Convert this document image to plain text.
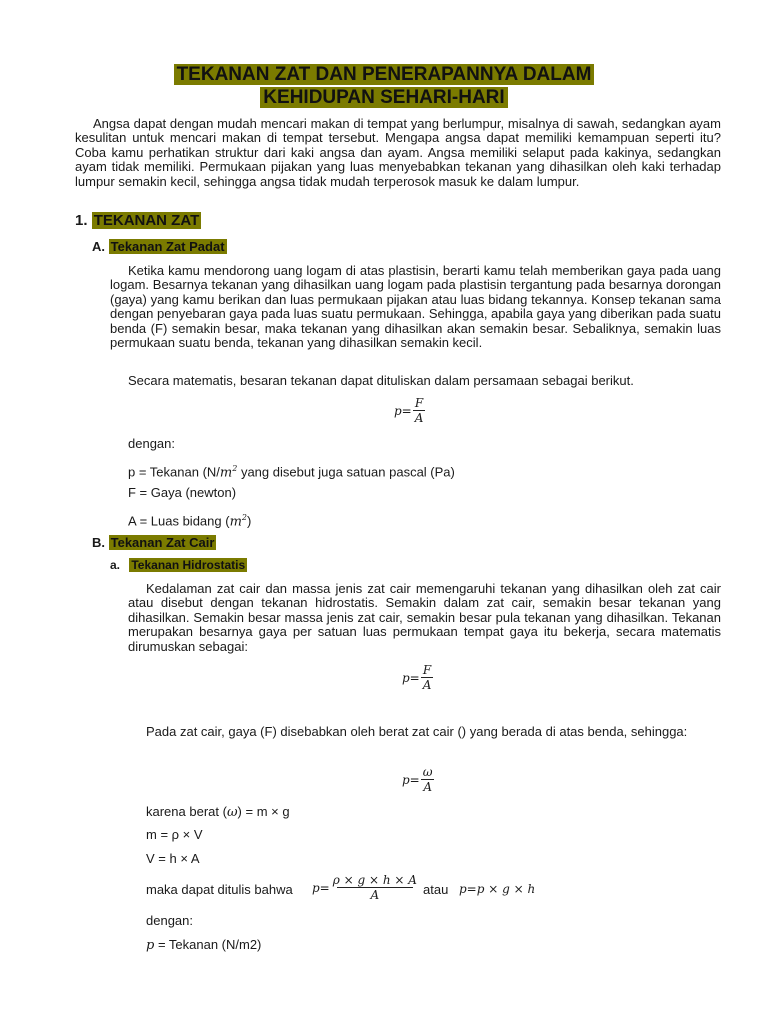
TEKANAN ZAT DAN PENERAPANNYA DALAM
KEHIDUPAN SEHARI-HARI
Angsa dapat dengan mudah mencari makan di tempat yang berlumpur, misalnya di sawah, sedangkan ayam kesulitan untuk mencari makan di tempat tersebut. Mengapa angsa dapat memiliki kemampuan seperti itu? Coba kamu perhatikan struktur dari kaki angsa dan ayam. Angsa memiliki selaput pada kakinya, sedangkan ayam tidak memiliki. Permukaan pijakan yang luas menyebabkan tekanan yang dihasilkan oleh kaki terhadap lumpur semakin kecil, sehingga angsa tidak mudah terperosok masuk ke dalam lumpur.
1. TEKANAN ZAT
A. Tekanan Zat Padat
Ketika kamu mendorong uang logam di atas plastisin, berarti kamu telah memberikan gaya pada uang logam. Besarnya tekanan yang dihasilkan uang logam pada plastisin tergantung pada besarnya dorongan (gaya) yang kamu berikan dan luas permukaan pijakan atau luas bidang tekannya. Konsep tekanan sama dengan penyebaran gaya pada luas suatu permukaan. Sehingga, apabila gaya yang diberikan pada suatu benda (F) semakin besar, maka tekanan yang dihasilkan akan semakin besar. Sebaliknya, semakin luas permukaan suatu benda, tekanan yang dihasilkan semakin kecil.
Secara matematis, besaran tekanan dapat dituliskan dalam persamaan sebagai berikut.
$p= \frac{F}{A}$
dengan:
p = Tekanan ($N/m^2$ yang disebut juga satuan pascal (Pa)
F = Gaya (newton)
A = Luas bidang $(m^2)$
B. Tekanan Zat Cair
a. Tekanan Hidrostatis
Kedalaman zat cair dan massa jenis zat cair memengaruhi tekanan yang dihasilkan oleh zat cair atau disebut dengan tekanan hidrostatis. Semakin dalam zat cair, semakin besar tekanan yang dihasilkan. Semakin besar massa jenis zat cair, semakin besar pula tekanan yang dihasilkan. Tekanan merupakan besarnya gaya per satuan luas permukaan tempat gaya itu bekerja, secara matematis dirumuskan sebagai:
$p= \frac{F}{A}$
Pada zat cair, gaya (F) disebabkan oleh berat zat cair () yang berada di atas benda, sehingga:
$p= \frac{\omega}{A}$
karena berat (ω) = m × g
m = ρ × V
V = h × A
maka dapat ditulis bahwa $p= \frac{\rho \times g \times h \times A}{A}$ atau p=p × g × h
dengan:
p = Tekanan (N/m2)
